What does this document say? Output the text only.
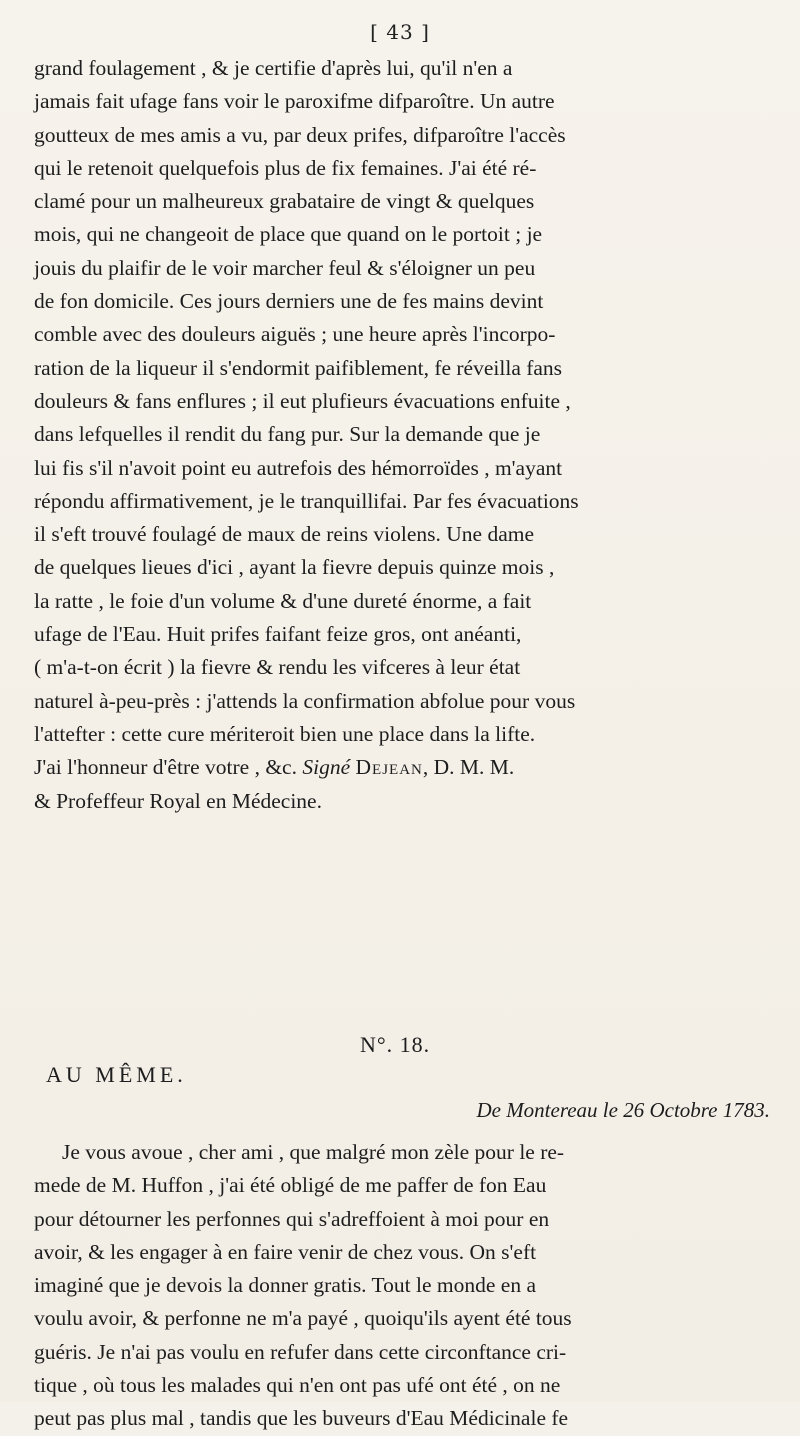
[ 43 ]
grand foulagement , & je certifie d'après lui, qu'il n'en a
jamais fait ufage fans voir le paroxifme difparoître. Un autre
goutteux de mes amis a vu, par deux prifes, difparoître l'accès
qui le retenoit quelquefois plus de fix femaines. J'ai été ré-
clamé pour un malheureux grabataire de vingt & quelques
mois, qui ne changeoit de place que quand on le portoit ; je
jouis du plaifir de le voir marcher feul & s'éloigner un peu
de fon domicile. Ces jours derniers une de fes mains devint
comble avec des douleurs aiguës ; une heure après l'incorpo-
ration de la liqueur il s'endormit paifiblement, fe réveilla fans
douleurs & fans enflures ; il eut plufieurs évacuations enfuite ,
dans lefquelles il rendit du fang pur. Sur la demande que je
lui fis s'il n'avoit point eu autrefois des hémorroïdes , m'ayant
répondu affirmativement, je le tranquillifai. Par fes évacuations
il s'eft trouvé foulagé de maux de reins violens. Une dame
de quelques lieues d'ici , ayant la fievre depuis quinze mois ,
la ratte , le foie d'un volume & d'une dureté énorme, a fait
ufage de l'Eau. Huit prifes faifant feize gros, ont anéanti,
( m'a-t-on écrit ) la fievre & rendu les vifceres à leur état
naturel à-peu-près : j'attends la confirmation abfolue pour vous
l'attefter : cette cure mériteroit bien une place dans la lifte.
J'ai l'honneur d'être votre , &c. Signé Dejean, D. M. M.
& Profeffeur Royal en Médecine.
N°. 18.
AU MÊME.
De Montereau le 26 Octobre 1783.
Je vous avoue , cher ami , que malgré mon zèle pour le re-
mede de M. Huffon , j'ai été obligé de me paffer de fon Eau
pour détourner les perfonnes qui s'adreffoient à moi pour en
avoir, & les engager à en faire venir de chez vous. On s'eft
imaginé que je devois la donner gratis. Tout le monde en a
voulu avoir, & perfonne ne m'a payé , quoiqu'ils ayent été tous
guéris. Je n'ai pas voulu en refufer dans cette circonftance cri-
tique , où tous les malades qui n'en ont pas ufé ont été , on ne
peut pas plus mal , tandis que les buveurs d'Eau Médicinale fe
